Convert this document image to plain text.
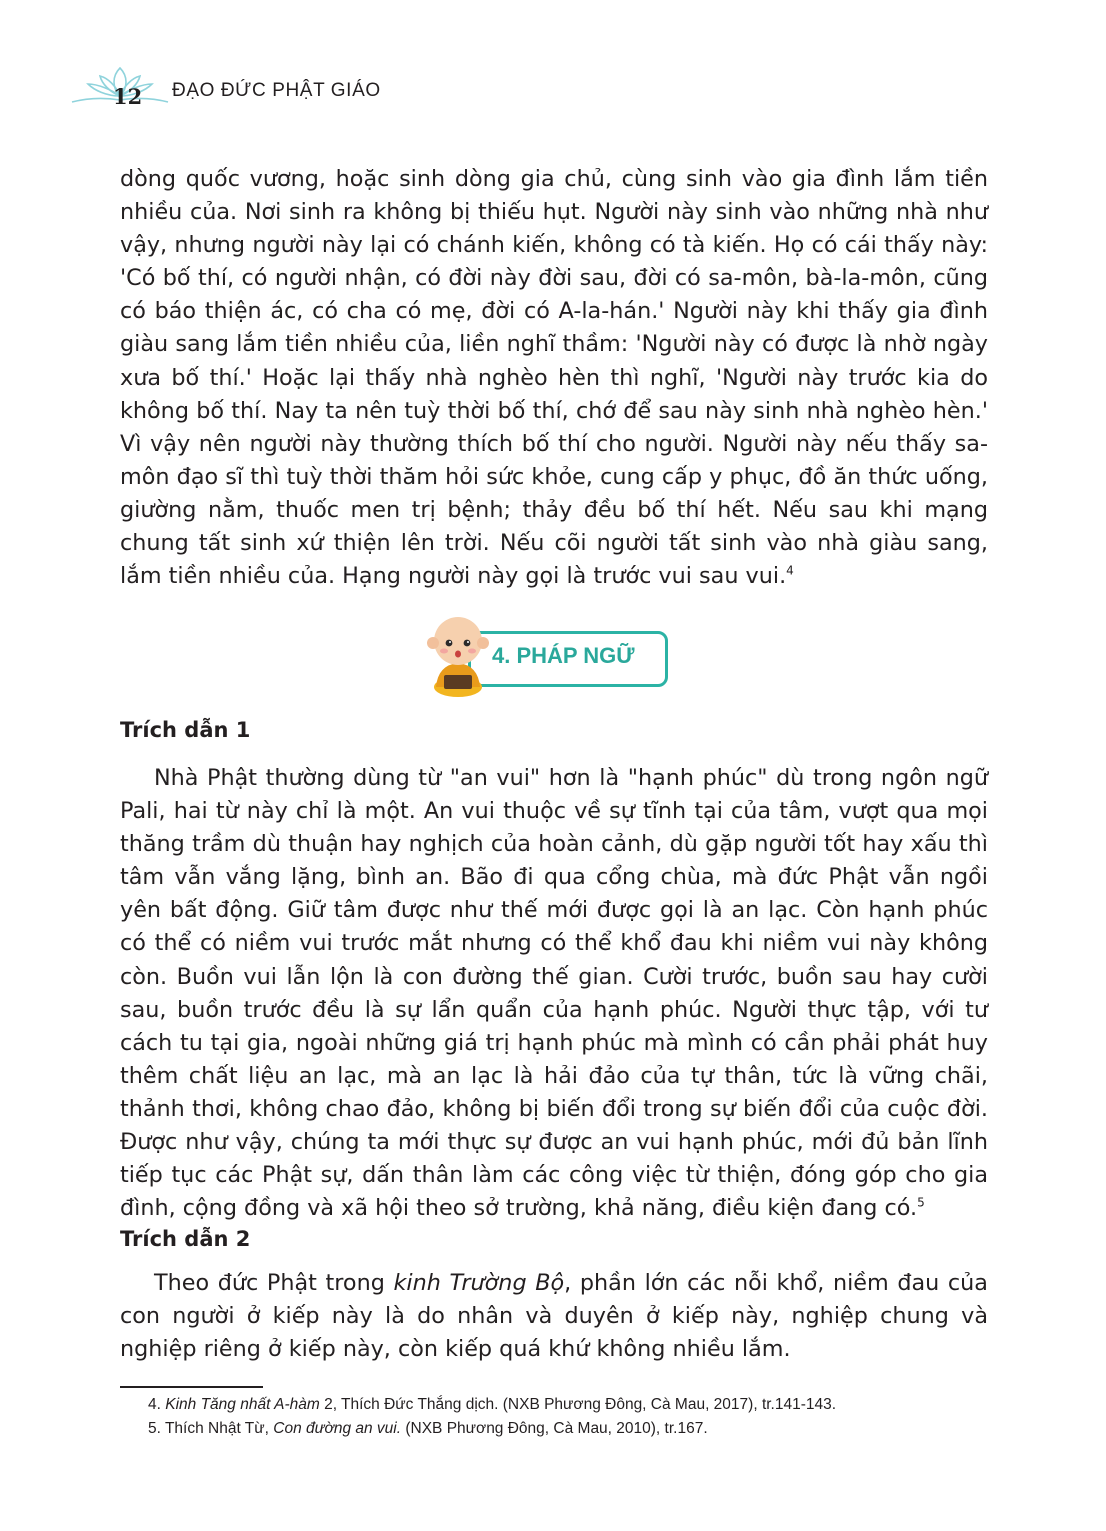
12 ĐẠO ĐỨC PHẬT GIÁO

dòng quốc vương, hoặc sinh dòng gia chủ, cùng sinh vào gia đình lắm tiền nhiều của. Nơi sinh ra không bị thiếu hụt. Người này sinh vào những nhà như vậy, nhưng người này lại có chánh kiến, không có tà kiến. Họ có cái thấy này: 'Có bố thí, có người nhận, có đời này đời sau, đời có sa-môn, bà-la-môn, cũng có báo thiện ác, có cha có mẹ, đời có A-la-hán.' Người này khi thấy gia đình giàu sang lắm tiền nhiều của, liền nghĩ thầm: 'Người này có được là nhờ ngày xưa bố thí.' Hoặc lại thấy nhà nghèo hèn thì nghĩ, 'Người này trước kia do không bố thí. Nay ta nên tuỳ thời bố thí, chớ để sau này sinh nhà nghèo hèn.' Vì vậy nên người này thường thích bố thí cho người. Người này nếu thấy sa-môn đạo sĩ thì tuỳ thời thăm hỏi sức khỏe, cung cấp y phục, đồ ăn thức uống, giường nằm, thuốc men trị bệnh; thảy đều bố thí hết. Nếu sau khi mạng chung tất sinh xứ thiện lên trời. Nếu cõi người tất sinh vào nhà giàu sang, lắm tiền nhiều của. Hạng người này gọi là trước vui sau vui.$^4$

4. PHÁP NGỮ
Trích dẫn 1

Nhà Phật thường dùng từ "an vui" hơn là "hạnh phúc" dù trong ngôn ngữ Pali, hai từ này chỉ là một. An vui thuộc về sự tĩnh tại của tâm, vượt qua mọi thăng trầm dù thuận hay nghịch của hoàn cảnh, dù gặp người tốt hay xấu thì tâm vẫn vắng lặng, bình an. Bão đi qua cổng chùa, mà đức Phật vẫn ngồi yên bất động. Giữ tâm được như thế mới được gọi là an lạc. Còn hạnh phúc có thể có niềm vui trước mắt nhưng có thể khổ đau khi niềm vui này không còn. Buồn vui lẫn lộn là con đường thế gian. Cười trước, buồn sau hay cười sau, buồn trước đều là sự lẩn quẩn của hạnh phúc. Người thực tập, với tư cách tu tại gia, ngoài những giá trị hạnh phúc mà mình có cần phải phát huy thêm chất liệu an lạc, mà an lạc là hải đảo của tự thân, tức là vững chãi, thảnh thơi, không chao đảo, không bị biến đổi trong sự biến đổi của cuộc đời. Được như vậy, chúng ta mới thực sự được an vui hạnh phúc, mới đủ bản lĩnh tiếp tục các Phật sự, dấn thân làm các công việc từ thiện, đóng góp cho gia đình, cộng đồng và xã hội theo sở trường, khả năng, điều kiện đang có.$^5$

Trích dẫn 2

Theo đức Phật trong kinh Trường Bộ, phần lớn các nỗi khổ, niềm đau của con người ở kiếp này là do nhân và duyên ở kiếp này, nghiệp chung và nghiệp riêng ở kiếp này, còn kiếp quá khứ không nhiều lắm.

4. Kinh Tăng nhất A-hàm 2, Thích Đức Thắng dịch. (NXB Phương Đông, Cà Mau, 2017), tr.141-143.

5. Thích Nhật Từ, Con đường an vui. (NXB Phương Đông, Cà Mau, 2010), tr.167.
